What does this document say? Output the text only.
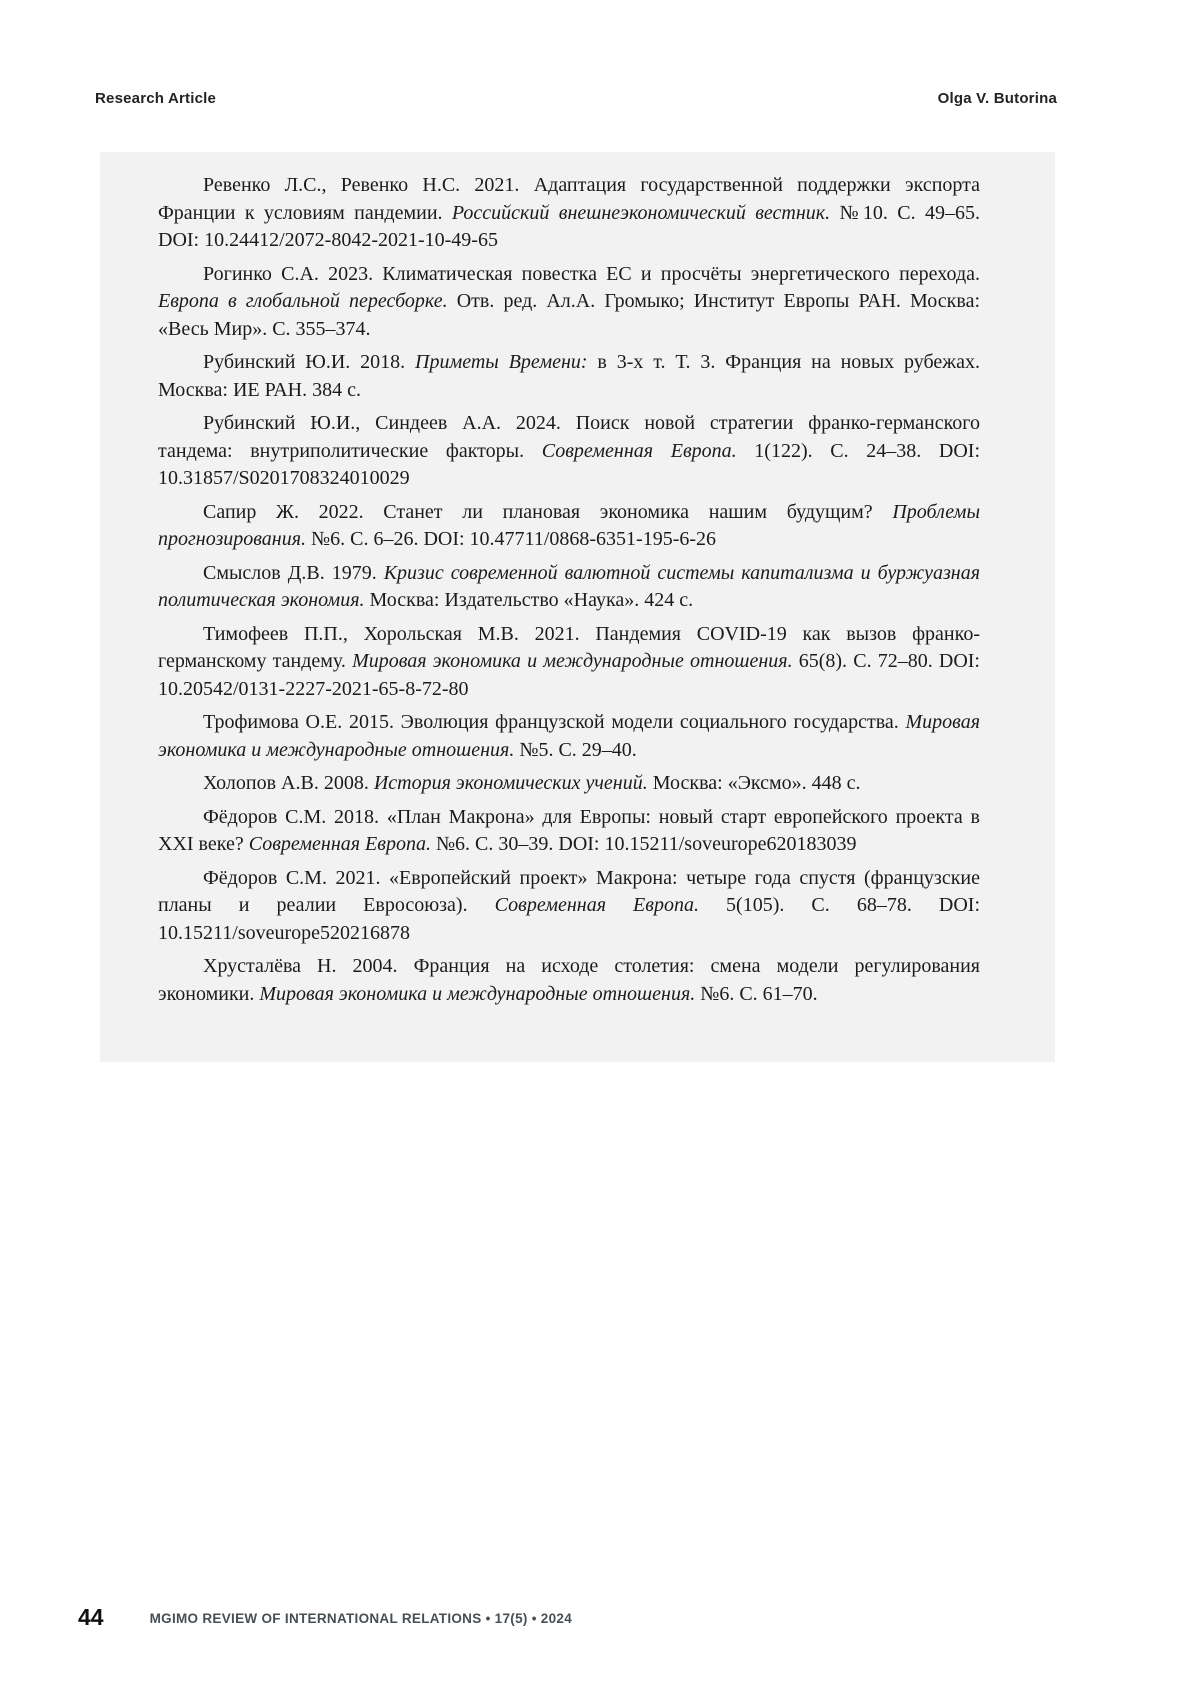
Research Article	Olga V. Butorina

Ревенко Л.С., Ревенко Н.С. 2021. Адаптация государственной поддержки экспорта Франции к условиям пандемии. Российский внешнеэкономический вестник. №10. С. 49–65. DOI: 10.24412/2072-8042-2021-10-49-65

Рогинко С.А. 2023. Климатическая повестка ЕС и просчёты энергетического перехода. Европа в глобальной пересборке. Отв. ред. Ал.А. Громыко; Институт Европы РАН. Москва: «Весь Мир». С. 355–374.

Рубинский Ю.И. 2018. Приметы Времени: в 3-х т. Т. 3. Франция на новых рубежах. Москва: ИЕ РАН. 384 с.

Рубинский Ю.И., Синдеев А.А. 2024. Поиск новой стратегии франко-германского тандема: внутриполитические факторы. Современная Европа. 1(122). С. 24–38. DOI: 10.31857/S0201708324010029

Сапир Ж. 2022. Станет ли плановая экономика нашим будущим? Проблемы прогнозирования. №6. С. 6–26. DOI: 10.47711/0868-6351-195-6-26

Смыслов Д.В. 1979. Кризис современной валютной системы капитализма и буржуазная политическая экономия. Москва: Издательство «Наука». 424 с.

Тимофеев П.П., Хорольская М.В. 2021. Пандемия COVID-19 как вызов франко-германскому тандему. Мировая экономика и международные отношения. 65(8). С. 72–80. DOI: 10.20542/0131-2227-2021-65-8-72-80

Трофимова О.Е. 2015. Эволюция французской модели социального государства. Мировая экономика и международные отношения. №5. С. 29–40.

Холопов А.В. 2008. История экономических учений. Москва: «Эксмо». 448 с.

Фёдоров С.М. 2018. «План Макрона» для Европы: новый старт европейского проекта в XXI веке? Современная Европа. №6. С. 30–39. DOI: 10.15211/soveurope620183039

Фёдоров С.М. 2021. «Европейский проект» Макрона: четыре года спустя (французские планы и реалии Евросоюза). Современная Европа. 5(105). С. 68–78. DOI: 10.15211/soveurope520216878

Хрусталёва Н. 2004. Франция на исходе столетия: смена модели регулирования экономики. Мировая экономика и международные отношения. №6. С. 61–70.

44	MGIMO REVIEW OF INTERNATIONAL RELATIONS • 17(5) • 2024
